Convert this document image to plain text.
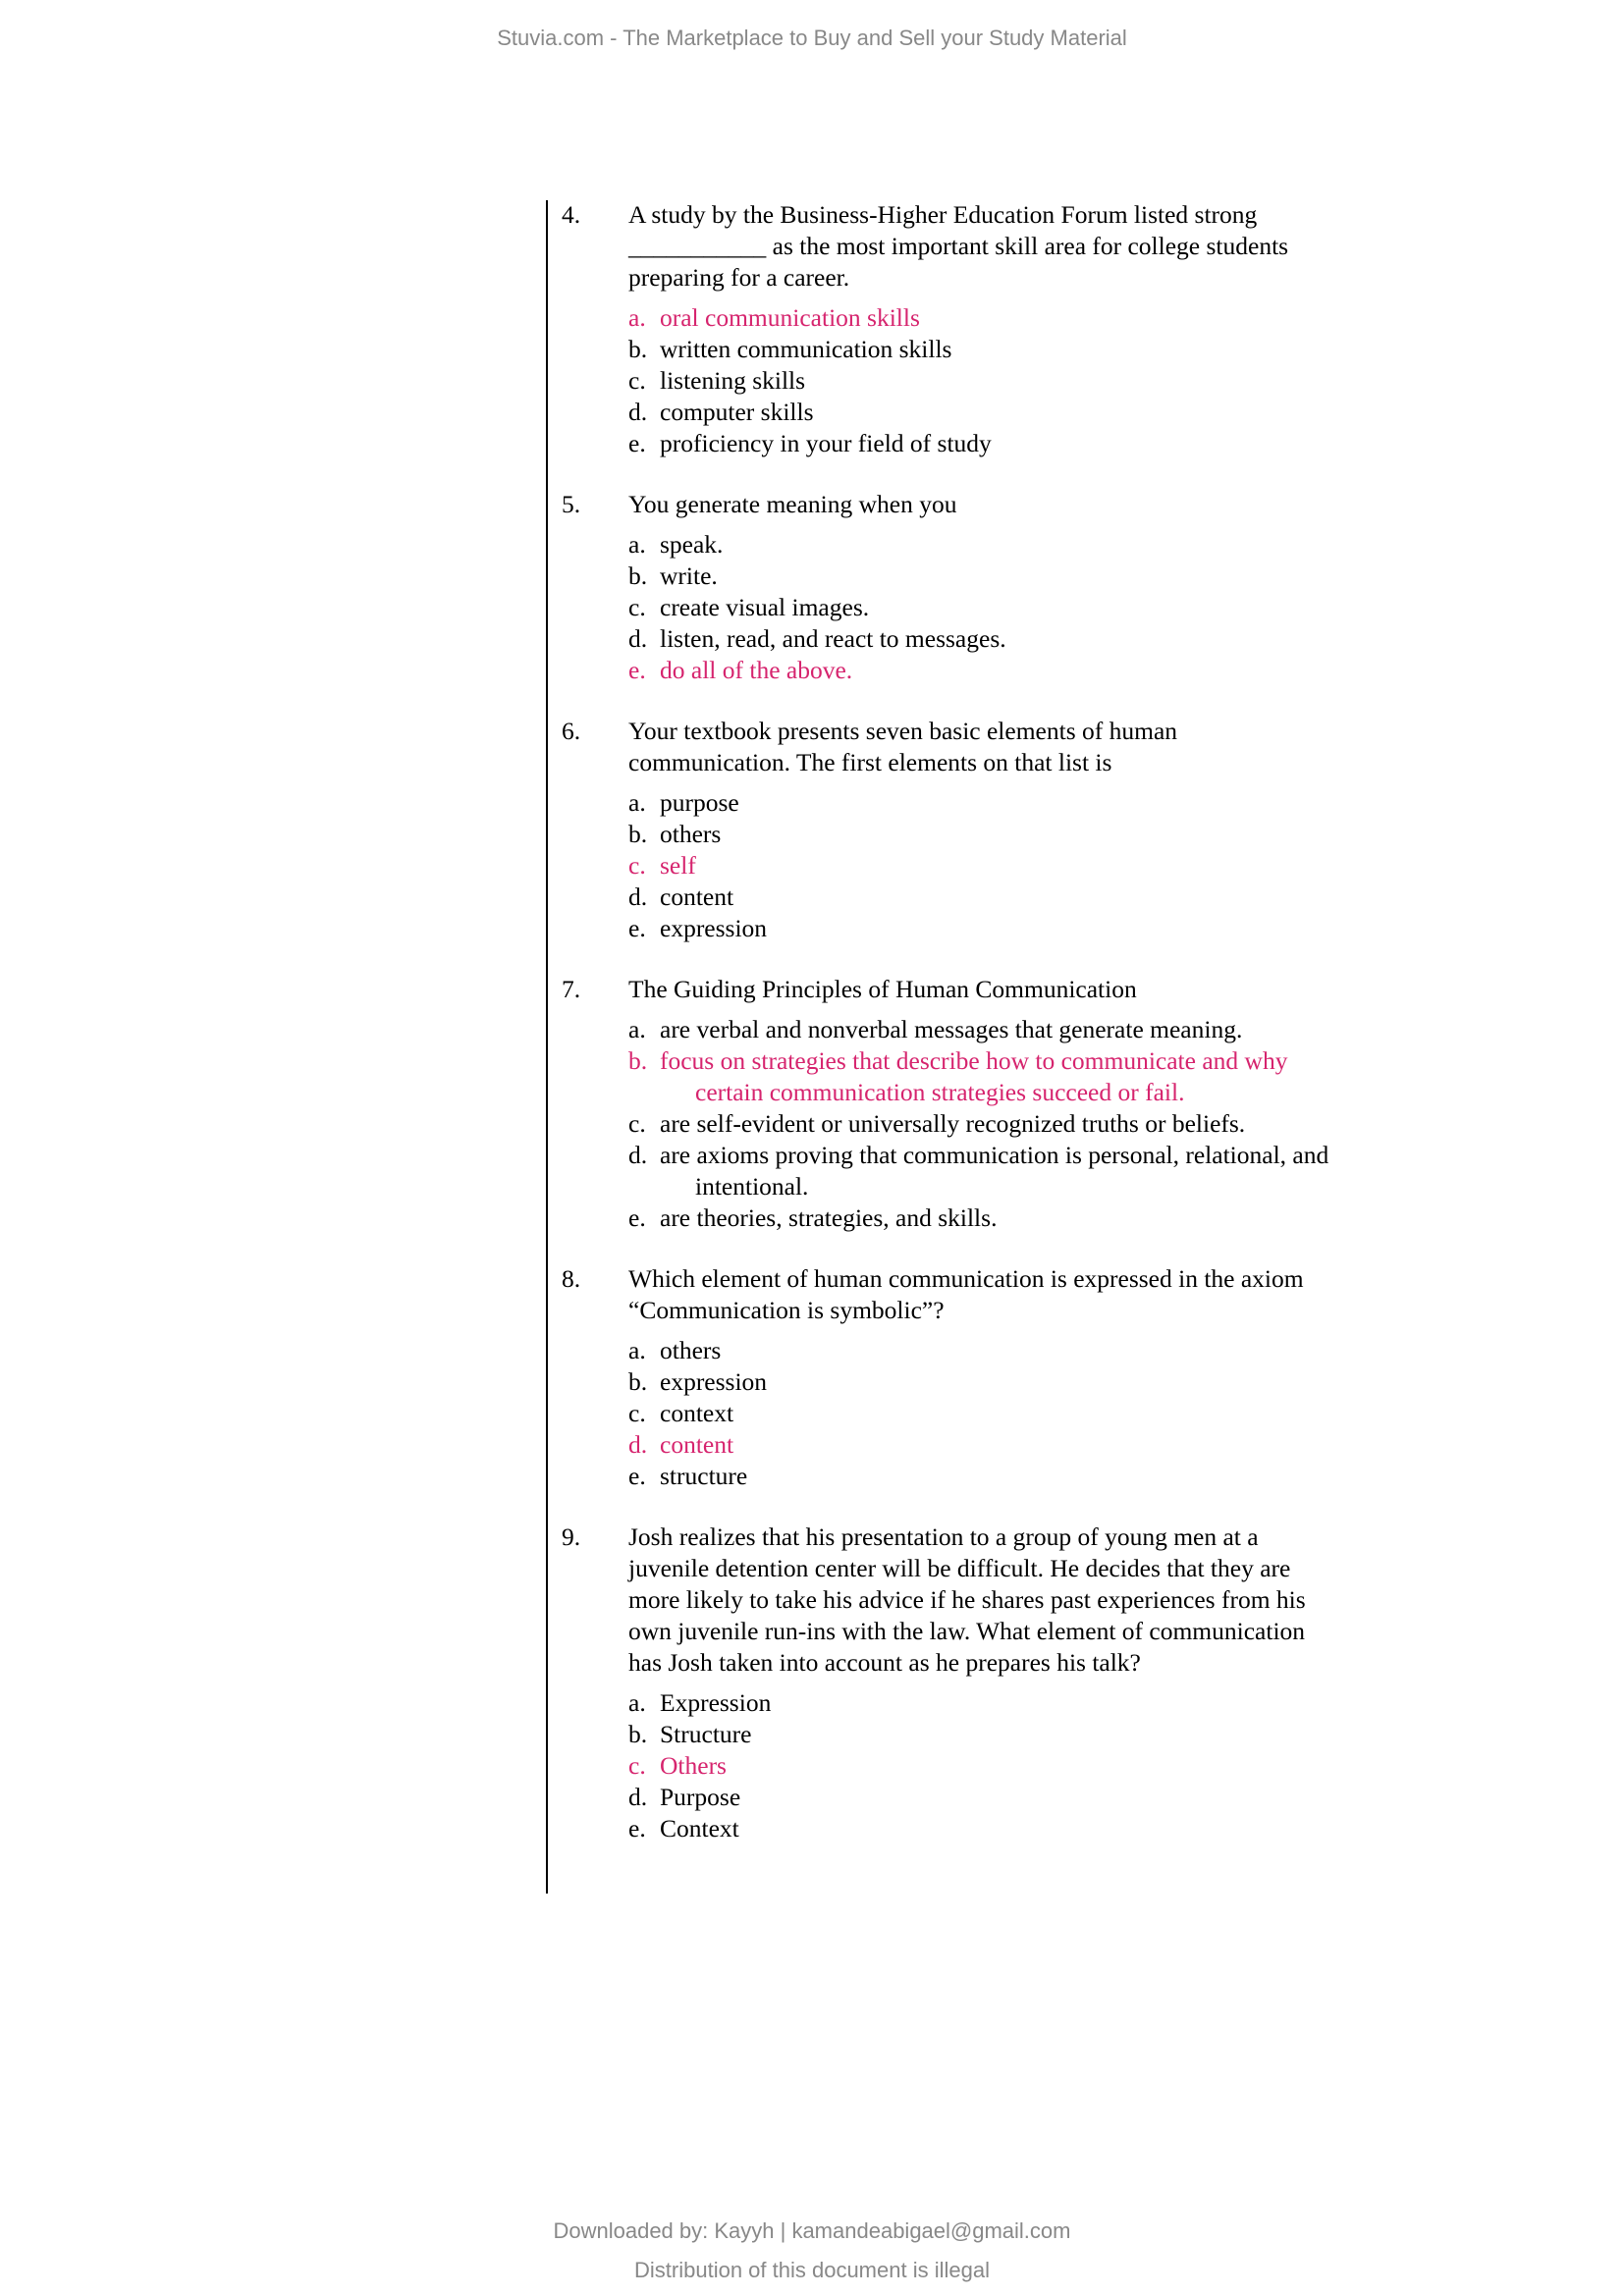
Stuvia.com - The Marketplace to Buy and Sell your Study Material
4.	A study by the Business-Higher Education Forum listed strong
___________ as the most important skill area for college students
preparing for a career.
a. oral communication skills
b. written communication skills
c. listening skills
d. computer skills
e. proficiency in your field of study
5.	You generate meaning when you
a. speak.
b. write.
c. create visual images.
d. listen, read, and react to messages.
e. do all of the above.
6.	Your textbook presents seven basic elements of human
communication. The first elements on that list is
a. purpose
b. others
c. self
d. content
e. expression
7.	The Guiding Principles of Human Communication
a. are verbal and nonverbal messages that generate meaning.
b. focus on strategies that describe how to communicate and why
certain communication strategies succeed or fail.
c. are self-evident or universally recognized truths or beliefs.
d. are axioms proving that communication is personal, relational, and
intentional.
e. are theories, strategies, and skills.
8.	Which element of human communication is expressed in the axiom
“Communication is symbolic”?
a. others
b. expression
c. context
d. content
e. structure
9.	Josh realizes that his presentation to a group of young men at a
juvenile detention center will be difficult. He decides that they are
more likely to take his advice if he shares past experiences from his
own juvenile run-ins with the law. What element of communication
has Josh taken into account as he prepares his talk?
a. Expression
b. Structure
c. Others
d. Purpose
e. Context
Downloaded by: Kayyh | kamandeabigael@gmail.com
Distribution of this document is illegal
